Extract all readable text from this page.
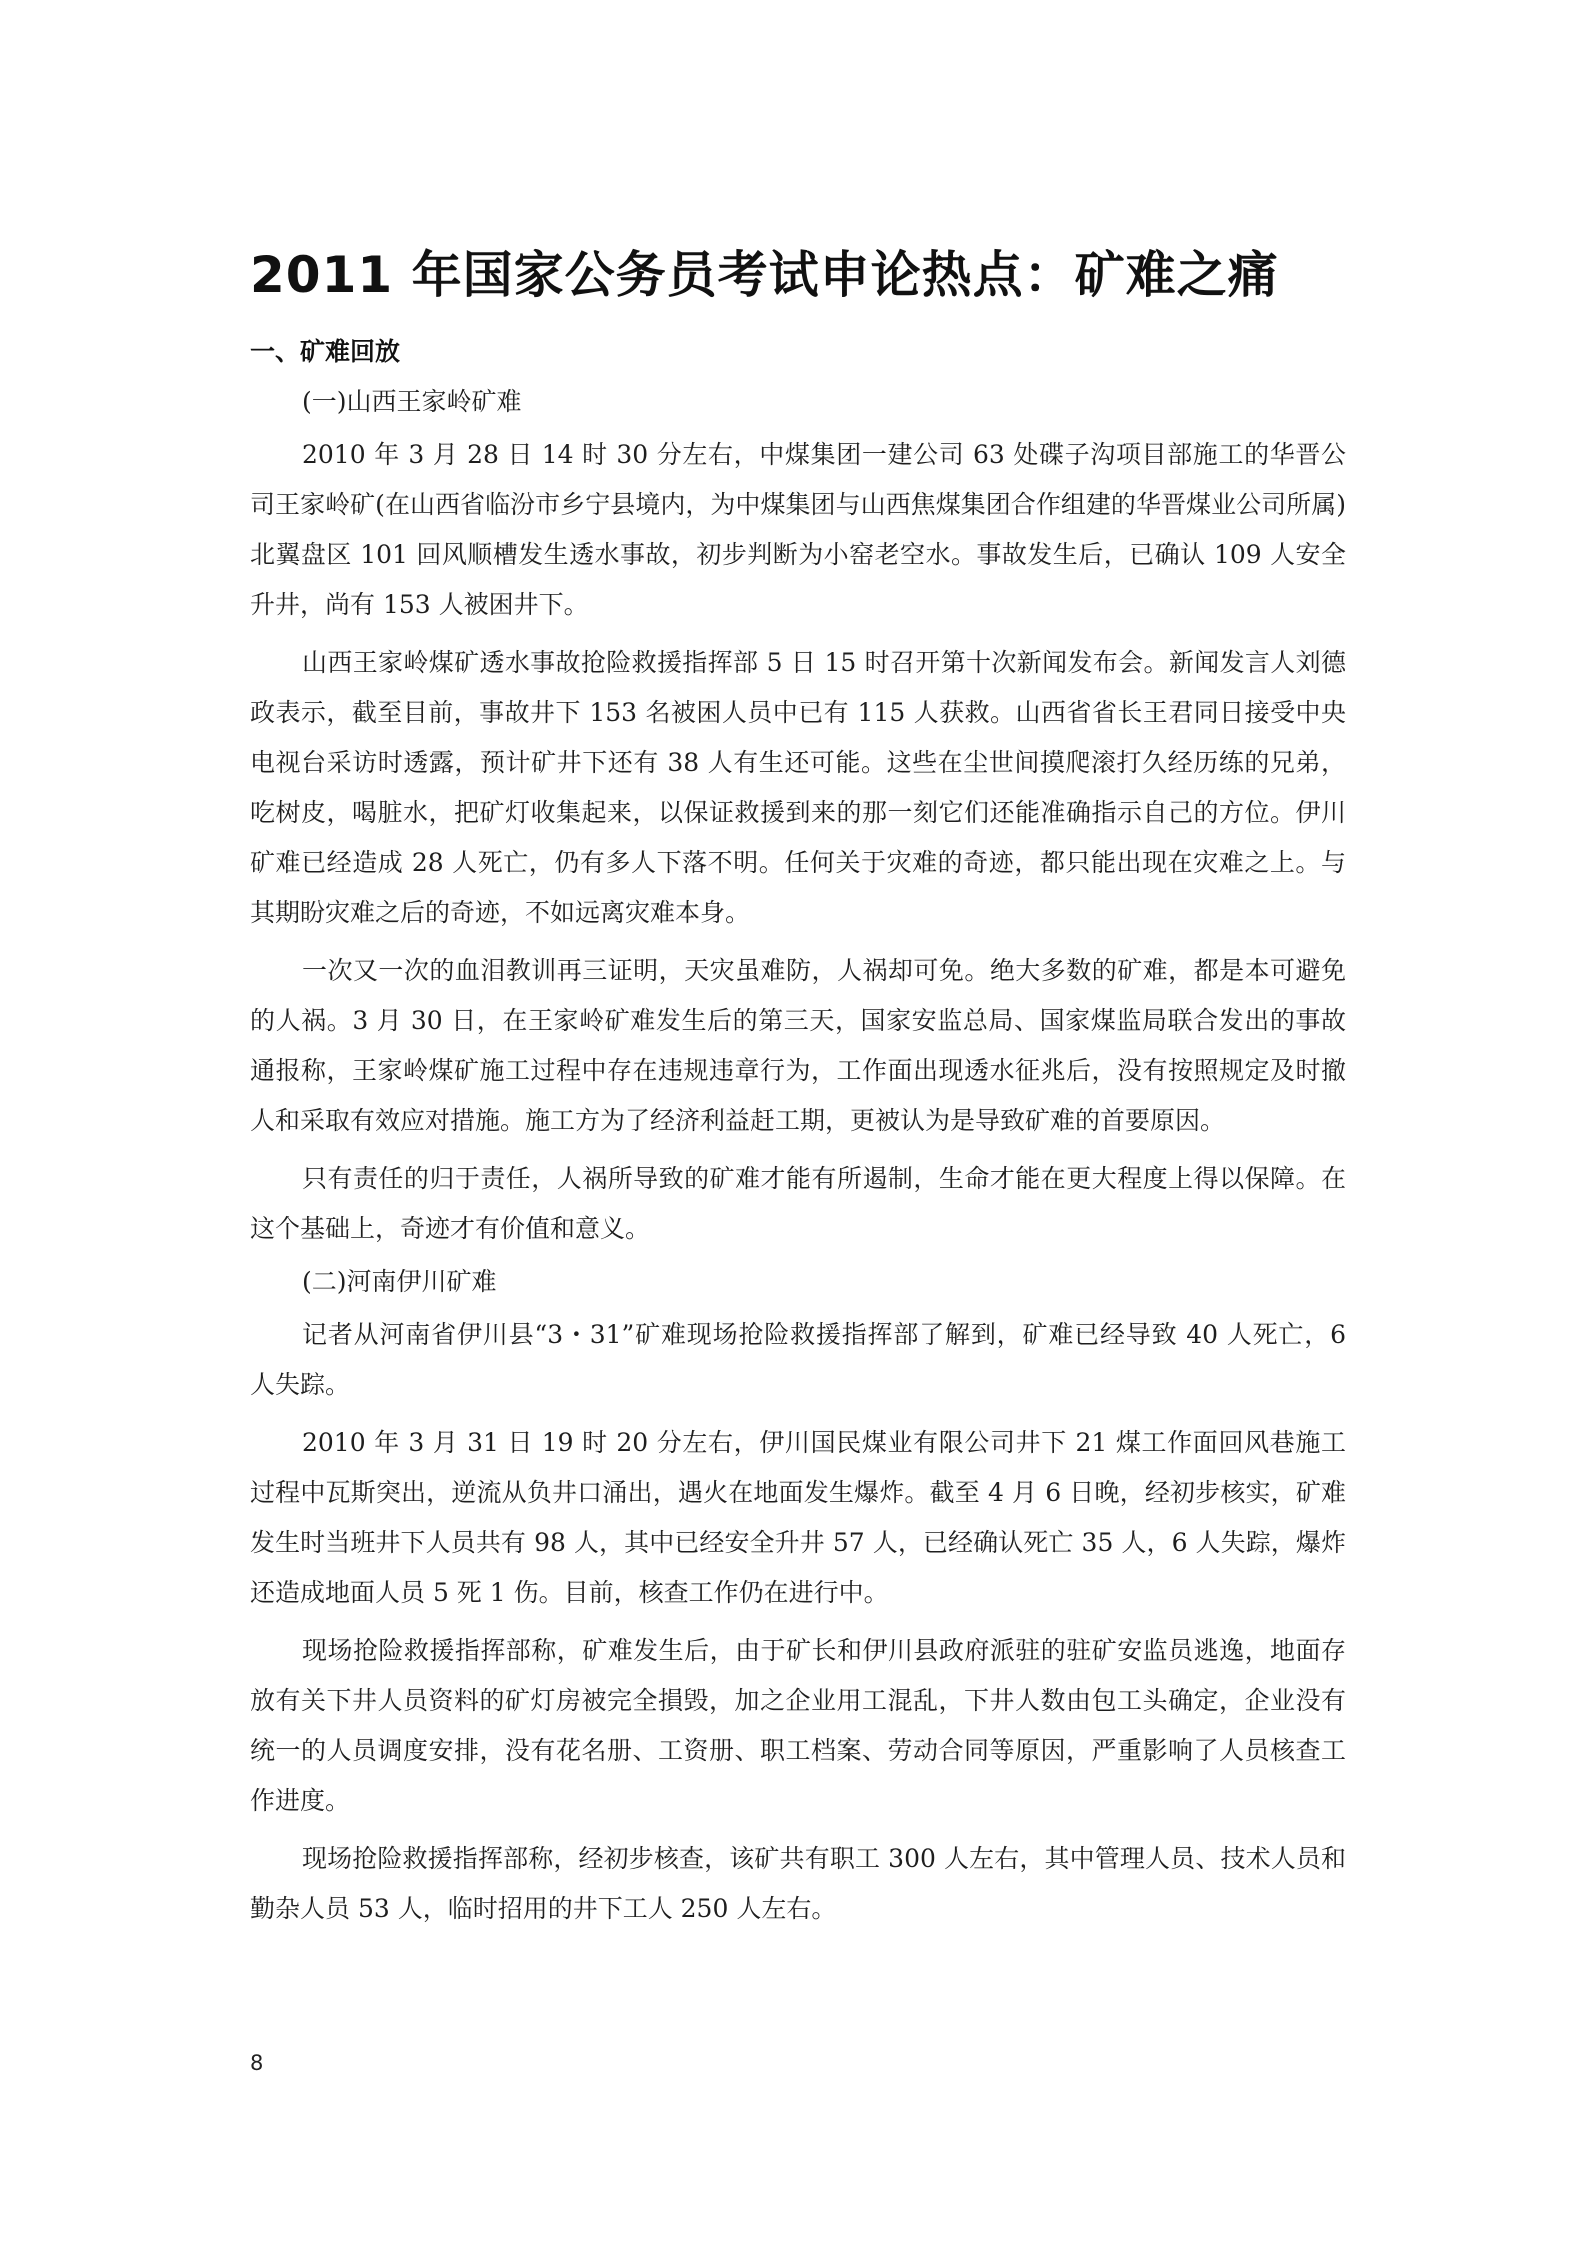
2011 年国家公务员考试申论热点：矿难之痛
一、矿难回放
(一)山西王家岭矿难

2010 年 3 月 28 日 14 时 30 分左右，中煤集团一建公司 63 处碟子沟项目部施工的华晋公司王家岭矿(在山西省临汾市乡宁县境内，为中煤集团与山西焦煤集团合作组建的华晋煤业公司所属)北翼盘区 101 回风顺槽发生透水事故，初步判断为小窑老空水。事故发生后，已确认 109 人安全升井，尚有 153 人被困井下。

山西王家岭煤矿透水事故抢险救援指挥部 5 日 15 时召开第十次新闻发布会。新闻发言人刘德政表示，截至目前，事故井下 153 名被困人员中已有 115 人获救。山西省省长王君同日接受中央电视台采访时透露，预计矿井下还有 38 人有生还可能。这些在尘世间摸爬滚打久经历练的兄弟，吃树皮，喝脏水，把矿灯收集起来，以保证救援到来的那一刻它们还能准确指示自己的方位。伊川矿难已经造成 28 人死亡，仍有多人下落不明。任何关于灾难的奇迹，都只能出现在灾难之上。与其期盼灾难之后的奇迹，不如远离灾难本身。

一次又一次的血泪教训再三证明，天灾虽难防，人祸却可免。绝大多数的矿难，都是本可避免的人祸。3 月 30 日，在王家岭矿难发生后的第三天，国家安监总局、国家煤监局联合发出的事故通报称，王家岭煤矿施工过程中存在违规违章行为，工作面出现透水征兆后，没有按照规定及时撤人和采取有效应对措施。施工方为了经济利益赶工期，更被认为是导致矿难的首要原因。

只有责任的归于责任，人祸所导致的矿难才能有所遏制，生命才能在更大程度上得以保障。在这个基础上，奇迹才有价值和意义。

(二)河南伊川矿难

记者从河南省伊川县“3・31”矿难现场抢险救援指挥部了解到，矿难已经导致 40 人死亡，6 人失踪。

2010 年 3 月 31 日 19 时 20 分左右，伊川国民煤业有限公司井下 21 煤工作面回风巷施工过程中瓦斯突出，逆流从负井口涌出，遇火在地面发生爆炸。截至 4 月 6 日晚，经初步核实，矿难发生时当班井下人员共有 98 人，其中已经安全升井 57 人，已经确认死亡 35 人，6 人失踪，爆炸还造成地面人员 5 死 1 伤。目前，核查工作仍在进行中。

现场抢险救援指挥部称，矿难发生后，由于矿长和伊川县政府派驻的驻矿安监员逃逸，地面存放有关下井人员资料的矿灯房被完全損毁，加之企业用工混乱，下井人数由包工头确定，企业没有统一的人员调度安排，没有花名册、工资册、职工档案、劳动合同等原因，严重影响了人员核查工作进度。

现场抢险救援指挥部称，经初步核查，该矿共有职工 300 人左右，其中管理人员、技术人员和勤杂人员 53 人，临时招用的井下工人 250 人左右。

8
